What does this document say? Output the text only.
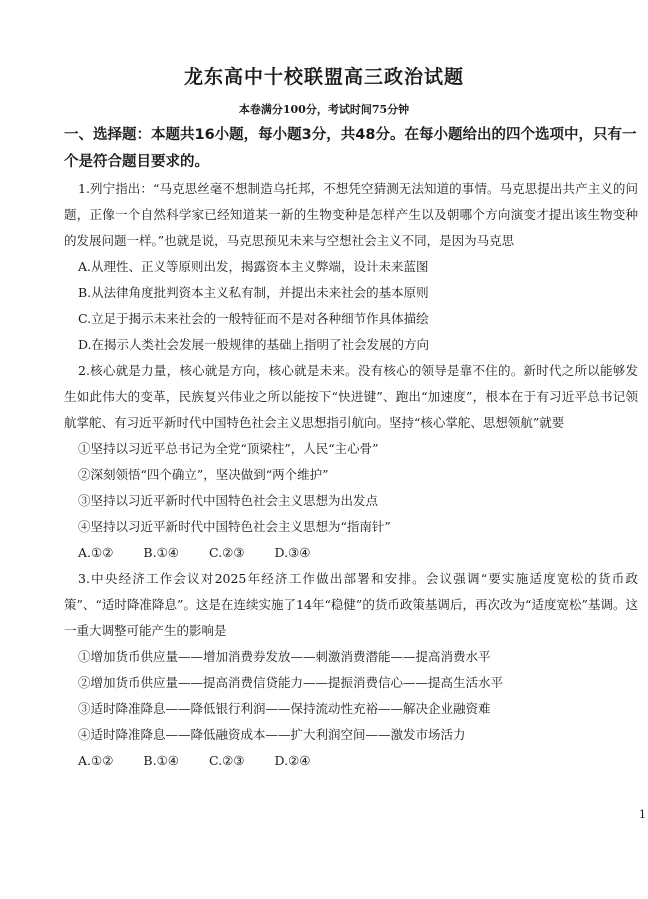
龙东高中十校联盟高三政治试题
本卷满分100分，考试时间75分钟
一、选择题：本题共16小题，每小题3分，共48分。在每小题给出的四个选项中，只有一个是符合题目要求的。

1.列宁指出：“马克思丝毫不想制造乌托邦，不想凭空猜测无法知道的事情。马克思提出共产主义的问题，正像一个自然科学家已经知道某一新的生物变种是怎样产生以及朝哪个方向演变才提出该生物变种的发展问题一样。”也就是说，马克思预见未来与空想社会主义不同，是因为马克思

A.从理性、正义等原则出发，揭露资本主义弊端，设计未来蓝图

B.从法律角度批判资本主义私有制，并提出未来社会的基本原则

C.立足于揭示未来社会的一般特征而不是对各种细节作具体描绘

D.在揭示人类社会发展一般规律的基础上指明了社会发展的方向

2.核心就是力量，核心就是方向，核心就是未来。没有核心的领导是靠不住的。新时代之所以能够发生如此伟大的变革，民族复兴伟业之所以能按下“快进键”、跑出“加速度”，根本在于有习近平总书记领航掌舵、有习近平新时代中国特色社会主义思想指引航向。坚持“核心掌舵、思想领航”就要

①坚持以习近平总书记为全党“顶梁柱”，人民“主心骨”

②深刻领悟“四个确立”，坚决做到“两个维护”

③坚持以习近平新时代中国特色社会主义思想为出发点

④坚持以习近平新时代中国特色社会主义思想为“指南针”

A.①② B.①④ C.②③ D.③④

3.中央经济工作会议对2025年经济工作做出部署和安排。会议强调“要实施适度宽松的货币政策”、“适时降准降息”。这是在连续实施了14年“稳健”的货币政策基调后，再次改为“适度宽松”基调。这一重大调整可能产生的影响是

①增加货币供应量——增加消费券发放——刺激消费潜能——提高消费水平

②增加货币供应量——提高消费信贷能力——提振消费信心——提高生活水平

③适时降准降息——降低银行利润——保持流动性充裕——解决企业融资难

④适时降准降息——降低融资成本——扩大利润空间——激发市场活力

A.①② B.①④ C.②③ D.②④

1
